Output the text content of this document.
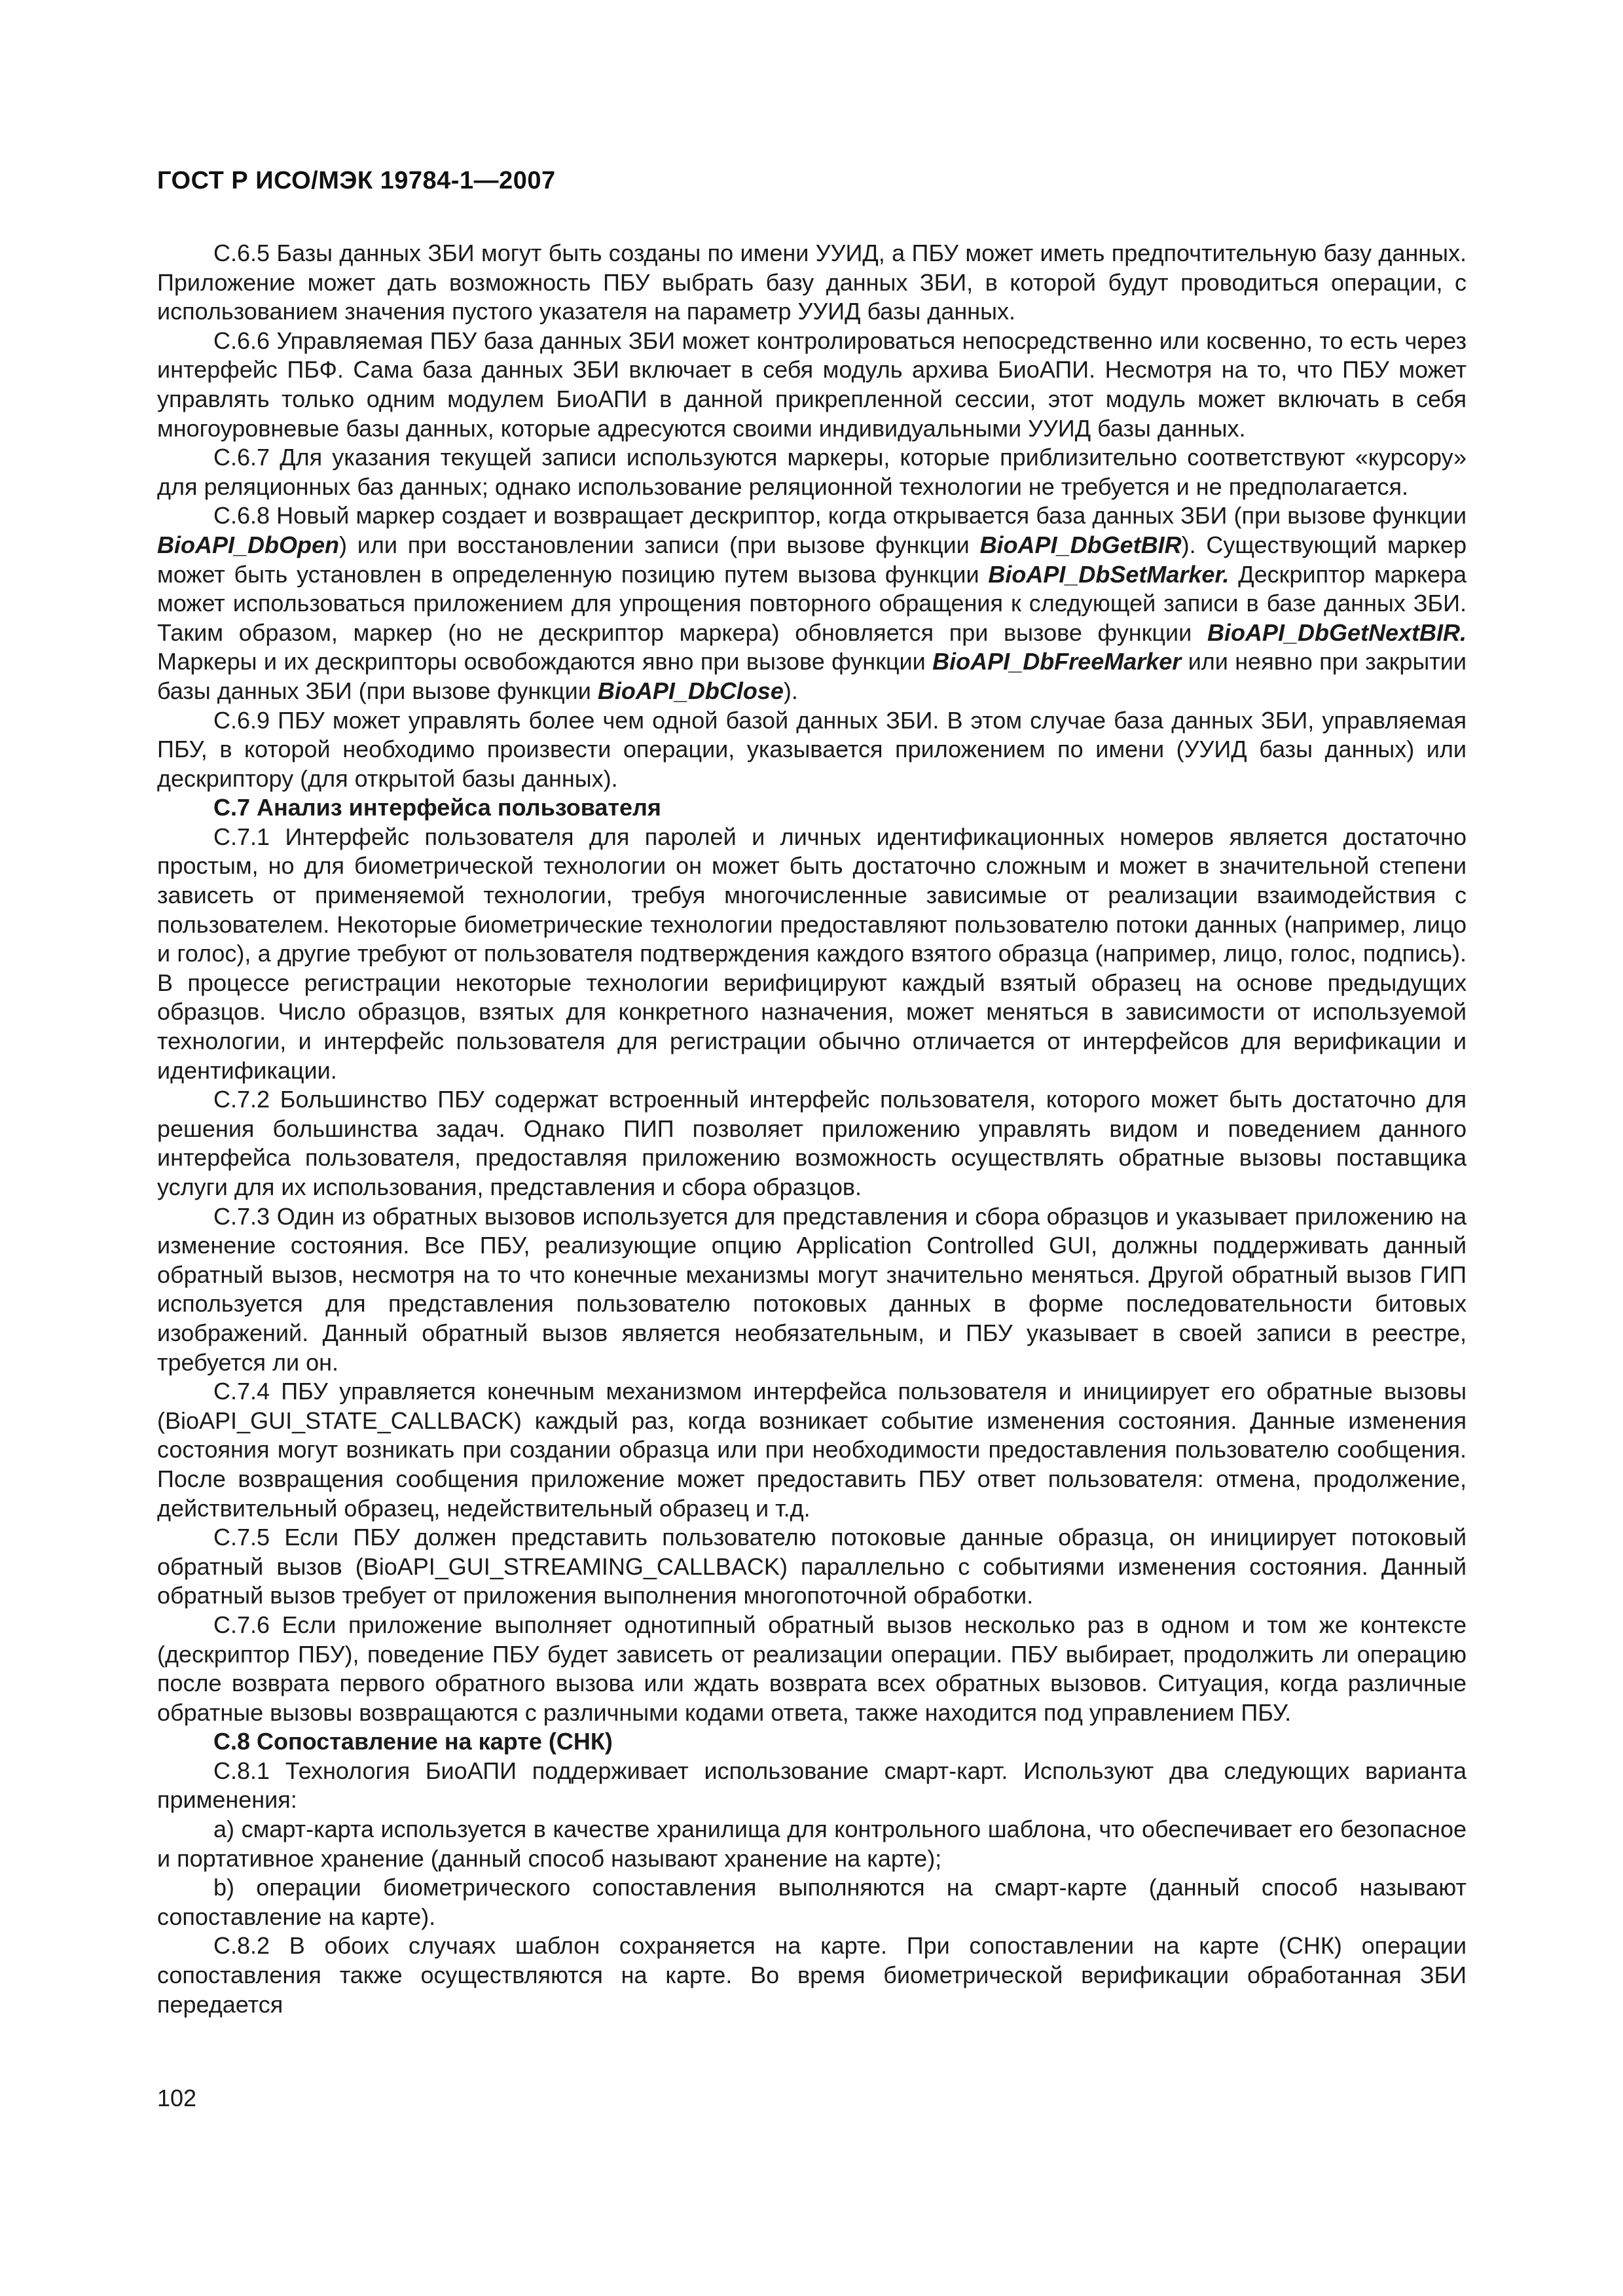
ГОСТ Р ИСО/МЭК 19784-1—2007

C.6.5 Базы данных ЗБИ могут быть созданы по имени УУИД, а ПБУ может иметь предпочтительную базу данных. Приложение может дать возможность ПБУ выбрать базу данных ЗБИ, в которой будут проводиться операции, с использованием значения пустого указателя на параметр УУИД базы данных.

C.6.6 Управляемая ПБУ база данных ЗБИ может контролироваться непосредственно или косвенно, то есть через интерфейс ПБФ. Сама база данных ЗБИ включает в себя модуль архива БиоАПИ. Несмотря на то, что ПБУ может управлять только одним модулем БиоАПИ в данной прикрепленной сессии, этот модуль может включать в себя многоуровневые базы данных, которые адресуются своими индивидуальными УУИД базы данных.

C.6.7 Для указания текущей записи используются маркеры, которые приблизительно соответствуют «курсору» для реляционных баз данных; однако использование реляционной технологии не требуется и не предполагается.

C.6.8 Новый маркер создает и возвращает дескриптор, когда открывается база данных ЗБИ (при вызове функции BioAPI_DbOpen) или при восстановлении записи (при вызове функции BioAPI_DbGetBIR). Существующий маркер может быть установлен в определенную позицию путем вызова функции BioAPI_DbSetMarker. Дескриптор маркера может использоваться приложением для упрощения повторного обращения к следующей записи в базе данных ЗБИ. Таким образом, маркер (но не дескриптор маркера) обновляется при вызове функции BioAPI_DbGetNextBIR. Маркеры и их дескрипторы освобождаются явно при вызове функции BioAPI_DbFreeMarker или неявно при закрытии базы данных ЗБИ (при вызове функции BioAPI_DbClose).

C.6.9 ПБУ может управлять более чем одной базой данных ЗБИ. В этом случае база данных ЗБИ, управляемая ПБУ, в которой необходимо произвести операции, указывается приложением по имени (УУИД базы данных) или дескриптору (для открытой базы данных).

C.7 Анализ интерфейса пользователя

C.7.1 Интерфейс пользователя для паролей и личных идентификационных номеров является достаточно простым, но для биометрической технологии он может быть достаточно сложным и может в значительной степени зависеть от применяемой технологии, требуя многочисленные зависимые от реализации взаимодействия с пользователем. Некоторые биометрические технологии предоставляют пользователю потоки данных (например, лицо и голос), а другие требуют от пользователя подтверждения каждого взятого образца (например, лицо, голос, подпись). В процессе регистрации некоторые технологии верифицируют каждый взятый образец на основе предыдущих образцов. Число образцов, взятых для конкретного назначения, может меняться в зависимости от используемой технологии, и интерфейс пользователя для регистрации обычно отличается от интерфейсов для верификации и идентификации.

C.7.2 Большинство ПБУ содержат встроенный интерфейс пользователя, которого может быть достаточно для решения большинства задач. Однако ПИП позволяет приложению управлять видом и поведением данного интерфейса пользователя, предоставляя приложению возможность осуществлять обратные вызовы поставщика услуги для их использования, представления и сбора образцов.

C.7.3 Один из обратных вызовов используется для представления и сбора образцов и указывает приложению на изменение состояния. Все ПБУ, реализующие опцию Application Controlled GUI, должны поддерживать данный обратный вызов, несмотря на то что конечные механизмы могут значительно меняться. Другой обратный вызов ГИП используется для представления пользователю потоковых данных в форме последовательности битовых изображений. Данный обратный вызов является необязательным, и ПБУ указывает в своей записи в реестре, требуется ли он.

C.7.4 ПБУ управляется конечным механизмом интерфейса пользователя и инициирует его обратные вызовы (BioAPI_GUI_STATE_CALLBACK) каждый раз, когда возникает событие изменения состояния. Данные изменения состояния могут возникать при создании образца или при необходимости предоставления пользователю сообщения. После возвращения сообщения приложение может предоставить ПБУ ответ пользователя: отмена, продолжение, действительный образец, недействительный образец и т.д.

C.7.5 Если ПБУ должен представить пользователю потоковые данные образца, он инициирует потоковый обратный вызов (BioAPI_GUI_STREAMING_CALLBACK) параллельно с событиями изменения состояния. Данный обратный вызов требует от приложения выполнения многопоточной обработки.

C.7.6 Если приложение выполняет однотипный обратный вызов несколько раз в одном и том же контексте (дескриптор ПБУ), поведение ПБУ будет зависеть от реализации операции. ПБУ выбирает, продолжить ли операцию после возврата первого обратного вызова или ждать возврата всех обратных вызовов. Ситуация, когда различные обратные вызовы возвращаются с различными кодами ответа, также находится под управлением ПБУ.

C.8 Сопоставление на карте (СНК)

C.8.1 Технология БиоАПИ поддерживает использование смарт-карт. Используют два следующих варианта применения:

a) смарт-карта используется в качестве хранилища для контрольного шаблона, что обеспечивает его безопасное и портативное хранение (данный способ называют хранение на карте);

b) операции биометрического сопоставления выполняются на смарт-карте (данный способ называют сопоставление на карте).

C.8.2 В обоих случаях шаблон сохраняется на карте. При сопоставлении на карте (СНК) операции сопоставления также осуществляются на карте. Во время биометрической верификации обработанная ЗБИ передается

102
